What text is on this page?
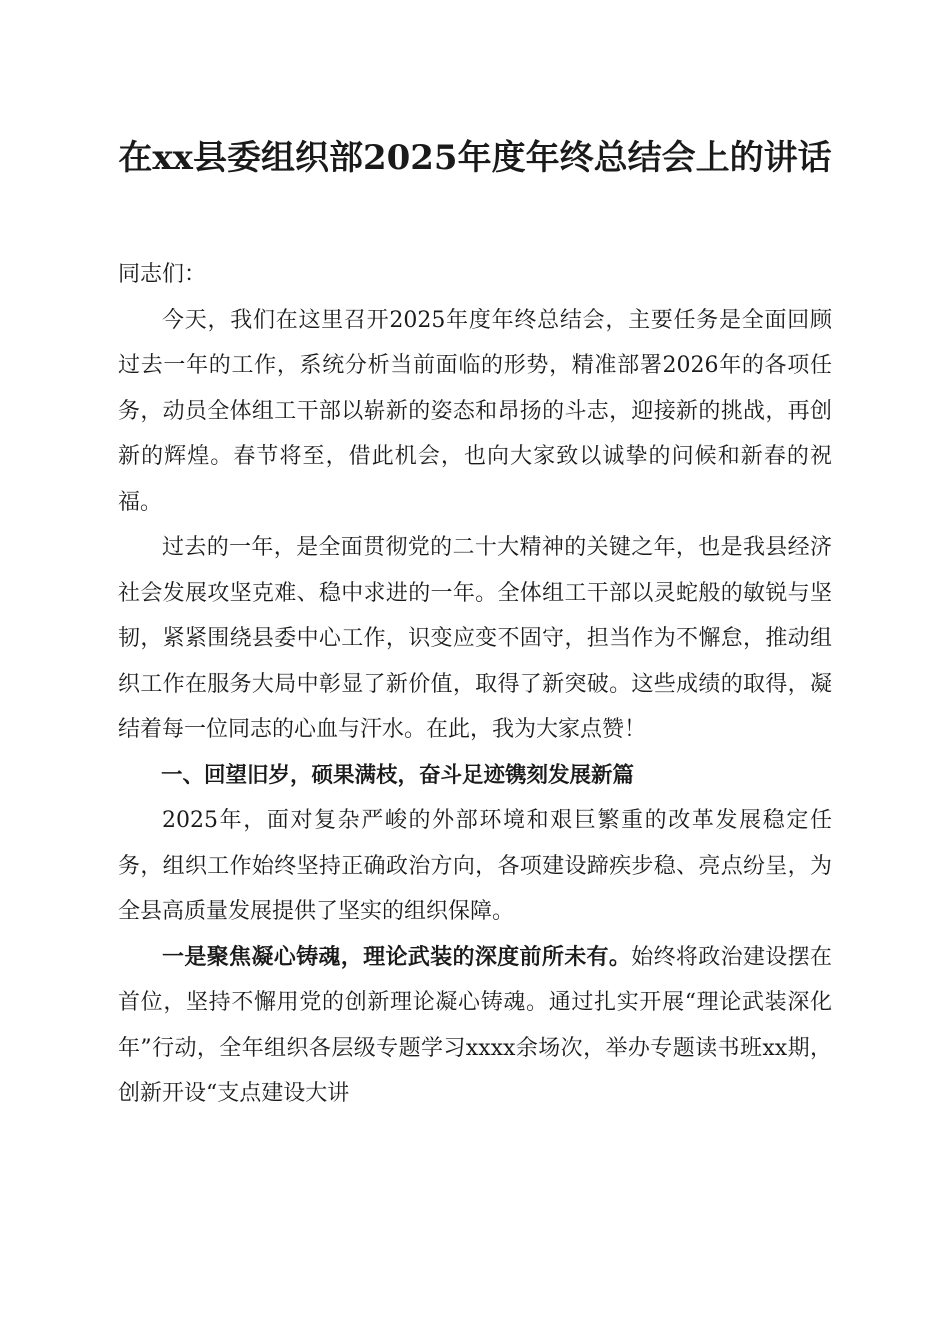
在xx县委组织部2025年度年终总结会上的讲话

同志们：

今天，我们在这里召开2025年度年终总结会，主要任务是全面回顾过去一年的工作，系统分析当前面临的形势，精准部署2026年的各项任务，动员全体组工干部以崭新的姿态和昂扬的斗志，迎接新的挑战，再创新的辉煌。春节将至，借此机会，也向大家致以诚挚的问候和新春的祝福。

过去的一年，是全面贯彻党的二十大精神的关键之年，也是我县经济社会发展攻坚克难、稳中求进的一年。全体组工干部以灵蛇般的敏锐与坚韧，紧紧围绕县委中心工作，识变应变不固守，担当作为不懈怠，推动组织工作在服务大局中彰显了新价值，取得了新突破。这些成绩的取得，凝结着每一位同志的心血与汗水。在此，我为大家点赞！

一、回望旧岁，硕果满枝，奋斗足迹镌刻发展新篇

2025年，面对复杂严峻的外部环境和艰巨繁重的改革发展稳定任务，组织工作始终坚持正确政治方向，各项建设蹄疾步稳、亮点纷呈，为全县高质量发展提供了坚实的组织保障。

一是聚焦凝心铸魂，理论武装的深度前所未有。始终将政治建设摆在首位，坚持不懈用党的创新理论凝心铸魂。通过扎实开展“理论武装深化年”行动，全年组织各层级专题学习xxxx余场次，举办专题读书班xx期，创新开设“支点建设大讲
